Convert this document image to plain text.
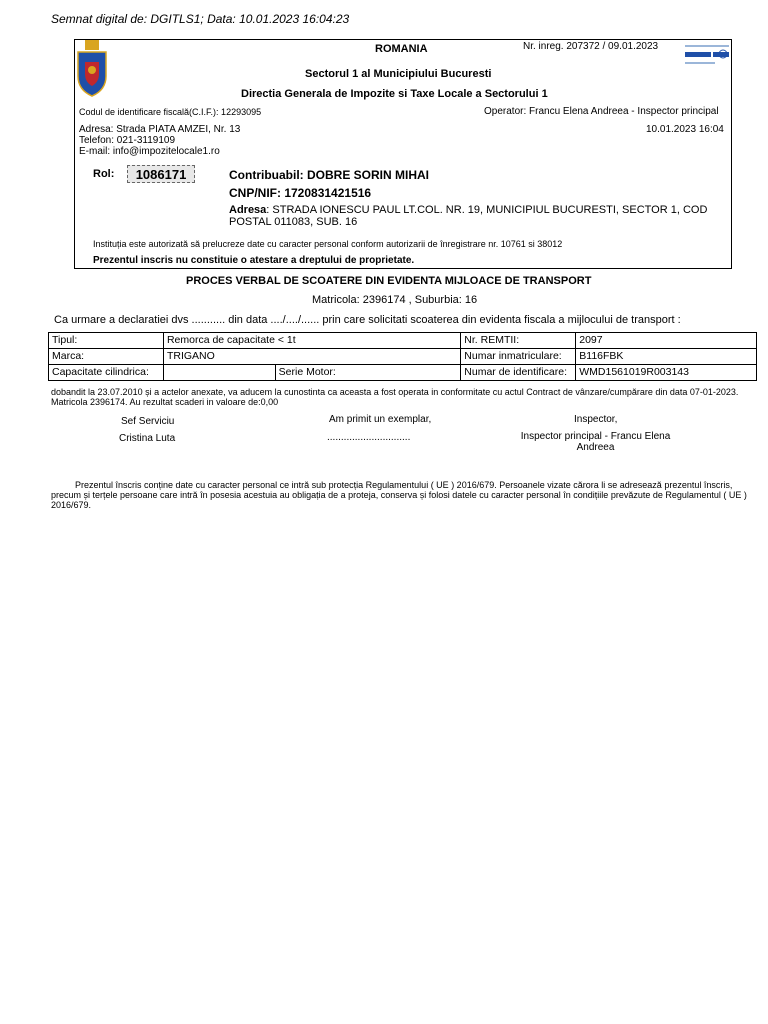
Semnat digital de: DGITLS1; Data: 10.01.2023 16:04:23
ROMANIA	Nr. inreg. 207372 / 09.01.2023
Sectorul 1 al Municipiului Bucuresti
Directia Generala de Impozite si Taxe Locale a Sectorului 1
Codul de identificare fiscală(C.I.F.): 12293095	Operator: Francu Elena Andreea - Inspector principal
Adresa: Strada PIATA AMZEI, Nr. 13	10.01.2023 16:04
Telefon: 021-3119109
E-mail: info@impozitelocale1.ro
Rol:	1086171	Contribuabil: DOBRE SORIN MIHAI
CNP/NIF: 1720831421516
Adresa: STRADA IONESCU PAUL LT.COL. NR. 19, MUNICIPIUL BUCURESTI, SECTOR 1, COD POSTAL 011083, SUB. 16
Instituția este autorizată să prelucreze date cu caracter personal conform autorizarii de înregistrare nr. 10761 si 38012
Prezentul inscris nu constituie o atestare a dreptului de proprietate.
PROCES VERBAL DE SCOATERE DIN EVIDENTA MIJLOACE DE TRANSPORT
Matricola: 2396174 , Suburbia: 16
Ca urmare a declaratiei dvs ........... din data ..../..../...... prin care solicitati scoaterea din evidenta fiscala a mijlocului de transport :
Tipul:	Remorca de capacitate < 1t		Nr. REMTII:	2097
Marca:	TRIGANO		Numar inmatriculare:	B116FBK
Capacitate cilindrica:		Serie Motor:	Numar de identificare:	WMD1561019R003143
dobandit la 23.07.2010 și a actelor anexate, va aducem la cunostinta ca aceasta a fost operata in conformitate cu actul Contract de vânzare/cumpărare din data 07-01-2023. Matricola 2396174. Au rezultat scaderi in valoare de:0,00
Sef Serviciu
Cristina Luta
Am primit un exemplar,
..............................
Inspector,
Inspector principal - Francu Elena Andreea
Prezentul înscris conține date cu caracter personal ce intră sub protecția Regulamentului ( UE ) 2016/679. Persoanele vizate cărora li se adresează prezentul înscris, precum și terțele persoane care intră în posesia acestuia au obligația de a proteja, conserva și folosi datele cu caracter personal în condițiile prevăzute de Regulamentul ( UE ) 2016/679.
